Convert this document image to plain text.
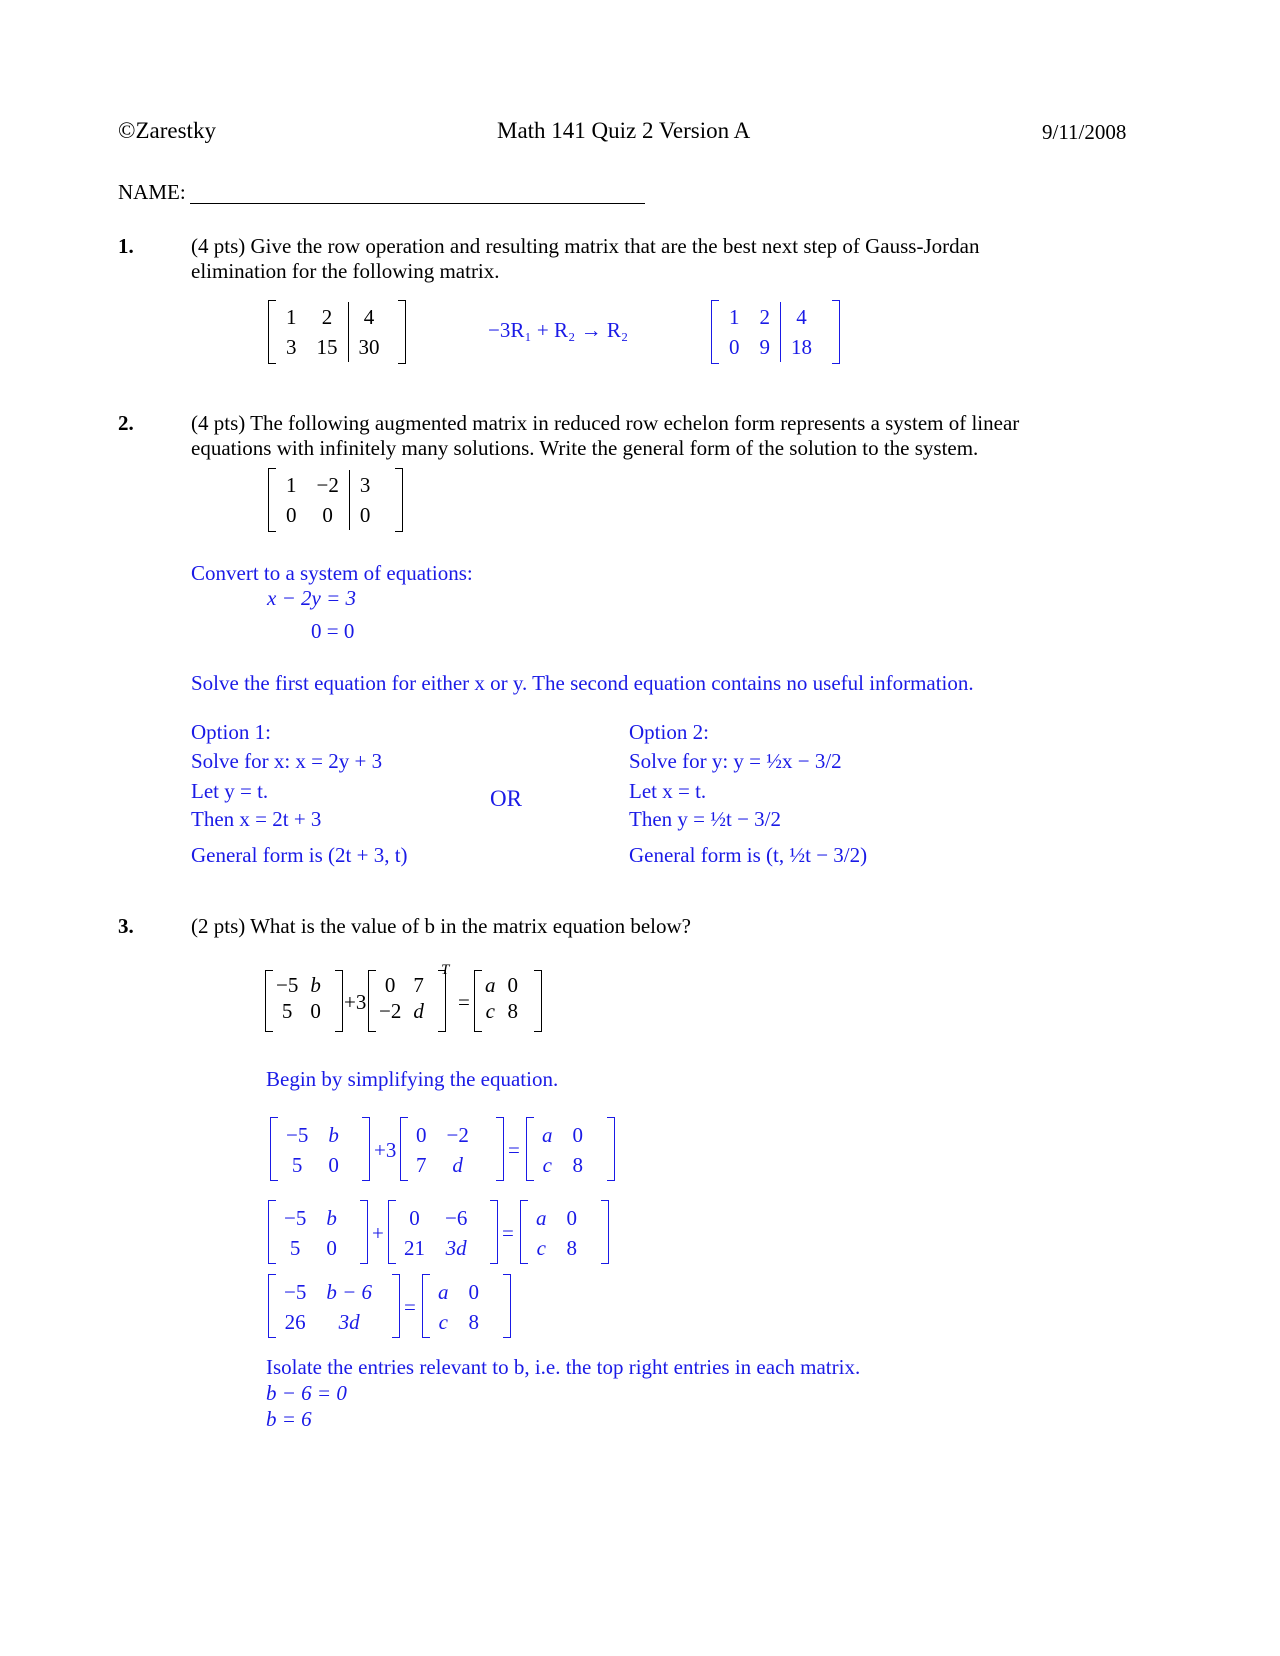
©Zarestky	Math 141 Quiz 2 Version A	9/11/2008
NAME:
1.	(4 pts) Give the row operation and resulting matrix that are the best next step of Gauss-Jordan
elimination for the following matrix.
1	2	4
3	15	30
−3R₁ + R₂ → R₂
1	2	4
0	9	18
2.	(4 pts) The following augmented matrix in reduced row echelon form represents a system of linear
equations with infinitely many solutions. Write the general form of the solution to the system.
1	−2	3
0	0	0
Convert to a system of equations:
x − 2y = 3
0 = 0
Solve the first equation for either x or y. The second equation contains no useful information.
Option 1:
Solve for x: x = 2y + 3
Let y = t.
Then x = 2t + 3
General form is (2t + 3, t)
OR
Option 2:
Solve for y: y = ½x − 3/2
Let x = t.
Then y = ½t − 3/2
General form is (t, ½t − 3/2)
3.	(2 pts) What is the value of b in the matrix equation below?
−5	b
5	0 +3
0	7
−2	d
T
=
a	0
c	8
Begin by simplifying the equation.
−5	b
5	0
+3
0	−2
7	d
=
a	0
c	8
−5	b
5	0
+
0	−6
21	3d
=
a	0
c	8
−5	b − 6
26	3d
=
a	0
c	8
Isolate the entries relevant to b, i.e. the top right entries in each matrix.
b − 6 = 0
b = 6
